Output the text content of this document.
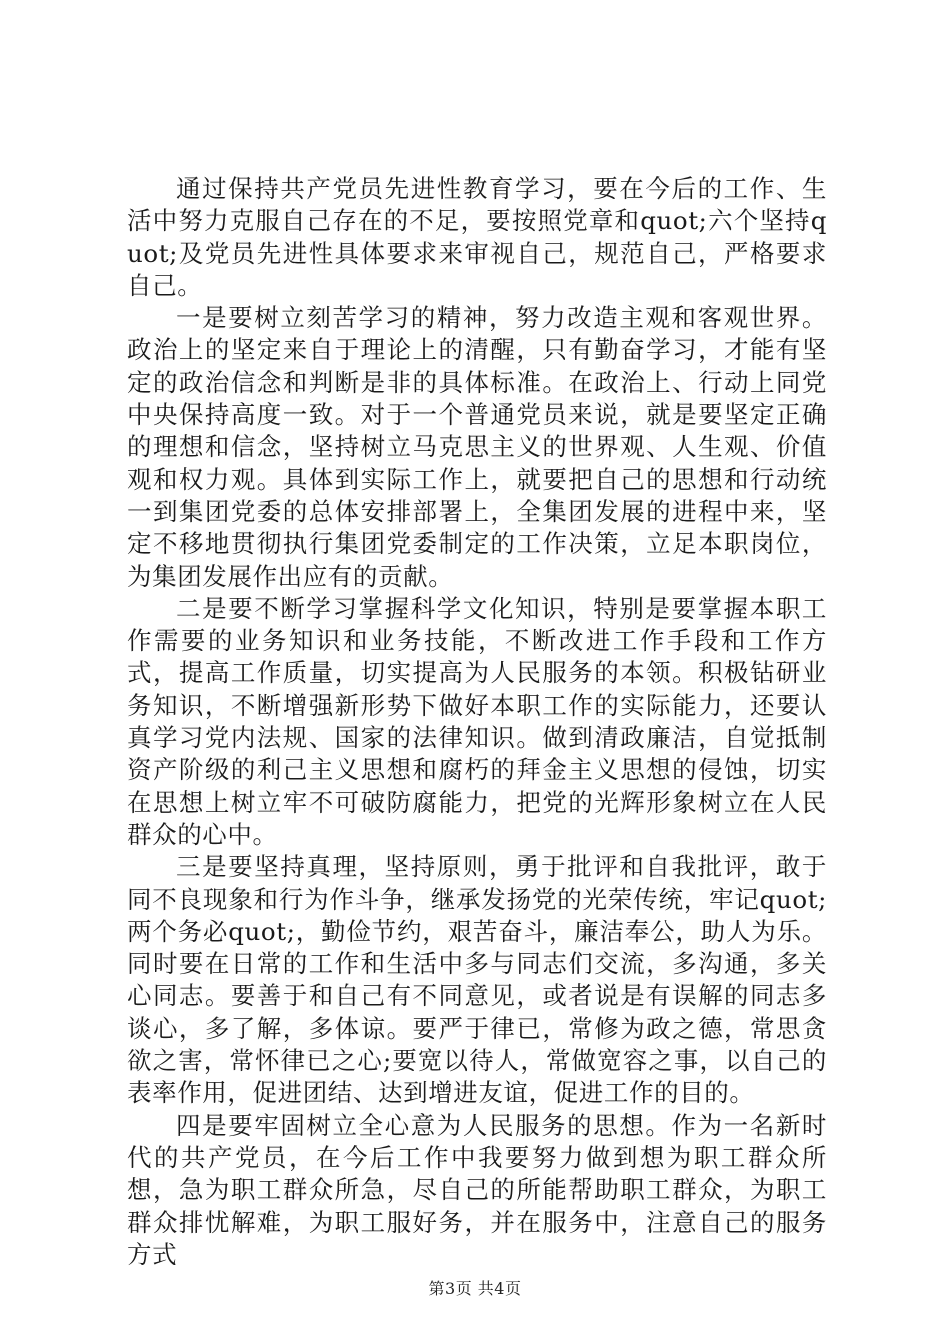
通过保持共产党员先进性教育学习，要在今后的工作、生活中努力克服自己存在的不足，要按照党章和quot;六个坚持quot;及党员先进性具体要求来审视自己，规范自己，严格要求自己。

一是要树立刻苦学习的精神，努力改造主观和客观世界。政治上的坚定来自于理论上的清醒，只有勤奋学习，才能有坚定的政治信念和判断是非的具体标准。在政治上、行动上同党中央保持高度一致。对于一个普通党员来说，就是要坚定正确的理想和信念，坚持树立马克思主义的世界观、人生观、价值观和权力观。具体到实际工作上，就要把自己的思想和行动统一到集团党委的总体安排部署上，全集团发展的进程中来，坚定不移地贯彻执行集团党委制定的工作决策，立足本职岗位，为集团发展作出应有的贡献。

二是要不断学习掌握科学文化知识，特别是要掌握本职工作需要的业务知识和业务技能，不断改进工作手段和工作方式，提高工作质量，切实提高为人民服务的本领。积极钻研业务知识，不断增强新形势下做好本职工作的实际能力，还要认真学习党内法规、国家的法律知识。做到清政廉洁，自觉抵制资产阶级的利己主义思想和腐朽的拜金主义思想的侵蚀，切实在思想上树立牢不可破防腐能力，把党的光辉形象树立在人民群众的心中。

三是要坚持真理，坚持原则，勇于批评和自我批评，敢于同不良现象和行为作斗争，继承发扬党的光荣传统，牢记quot;两个务必quot;，勤俭节约，艰苦奋斗，廉洁奉公，助人为乐。同时要在日常的工作和生活中多与同志们交流，多沟通，多关心同志。要善于和自己有不同意见，或者说是有误解的同志多谈心，多了解，多体谅。要严于律已，常修为政之德，常思贪欲之害，常怀律已之心;要宽以待人，常做宽容之事，以自己的表率作用，促进团结、达到增进友谊，促进工作的目的。

四是要牢固树立全心意为人民服务的思想。作为一名新时代的共产党员，在今后工作中我要努力做到想为职工群众所想，急为职工群众所急，尽自己的所能帮助职工群众，为职工群众排忧解难，为职工服好务，并在服务中，注意自己的服务方式

第3页 共4页
